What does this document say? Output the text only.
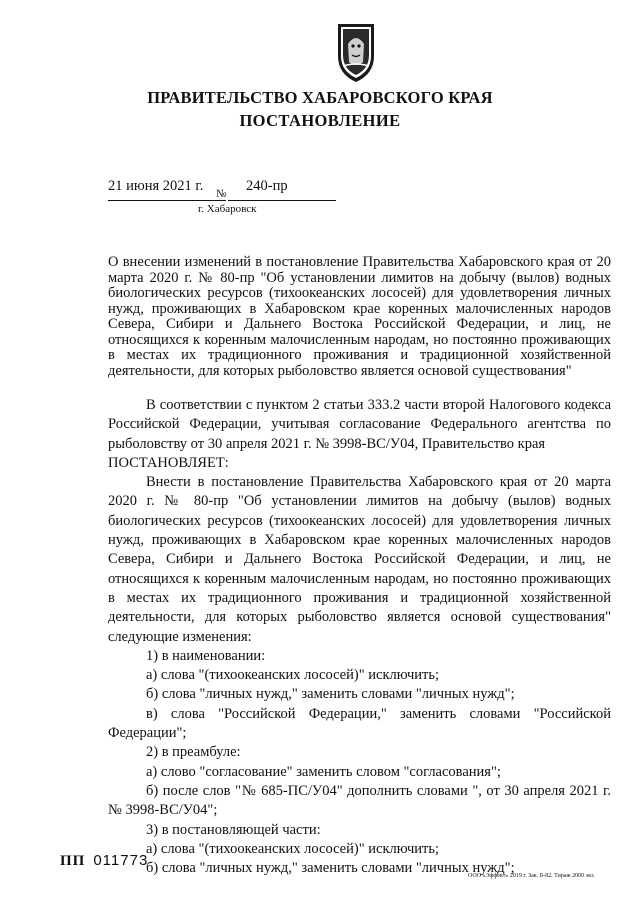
ПРАВИТЕЛЬСТВО ХАБАРОВСКОГО КРАЯ
ПОСТАНОВЛЕНИЕ
21 июня 2021 г.	240-пр
№
г. Хабаровск

О внесении изменений в постановление Правительства Хабаровского края от 20 марта 2020 г. № 80-пр "Об установлении лимитов на добычу (вылов) водных биологических ресурсов (тихоокеанских лососей) для удовлетворения личных нужд, проживающих в Хабаровском крае коренных малочисленных народов Севера, Сибири и Дальнего Востока Российской Федерации, и лиц, не относящихся к коренным малочисленным народам, но постоянно проживающих в местах их традиционного проживания и традиционной хозяйственной деятельности, для которых рыболовство является основой существования"

В соответствии с пунктом 2 статьи 333.2 части второй Налогового кодекса Российской Федерации, учитывая согласование Федерального агентства по рыболовству от 30 апреля 2021 г. № 3998-ВС/У04, Правительство края

ПОСТАНОВЛЯЕТ:

Внести в постановление Правительства Хабаровского края от 20 марта 2020 г. № 80-пр "Об установлении лимитов на добычу (вылов) водных биологических ресурсов (тихоокеанских лососей) для удовлетворения личных нужд, проживающих в Хабаровском крае коренных малочисленных народов Севера, Сибири и Дальнего Востока Российской Федерации, и лиц, не относящихся к коренным малочисленным народам, но постоянно проживающих в местах их традиционного проживания и традиционной хозяйственной деятельности, для которых рыболовство является основой существования" следующие изменения:

1) в наименовании:

а) слова "(тихоокеанских лососей)" исключить;

б) слова "личных нужд," заменить словами "личных нужд";

в) слова "Российской Федерации," заменить словами "Российской Федерации";

2) в преамбуле:

а) слово "согласование" заменить словом "согласования";

б) после слов "№ 685-ПС/У04" дополнить словами ", от 30 апреля 2021 г. № 3998-ВС/У04";

3) в постановляющей части:

а) слова "(тихоокеанских лососей)" исключить;

б) слова "личных нужд," заменить словами "личных нужд";

ПП 011773
ООО «Эффект» 2019 г. Зак. Б-82. Тираж 2000 экз.
